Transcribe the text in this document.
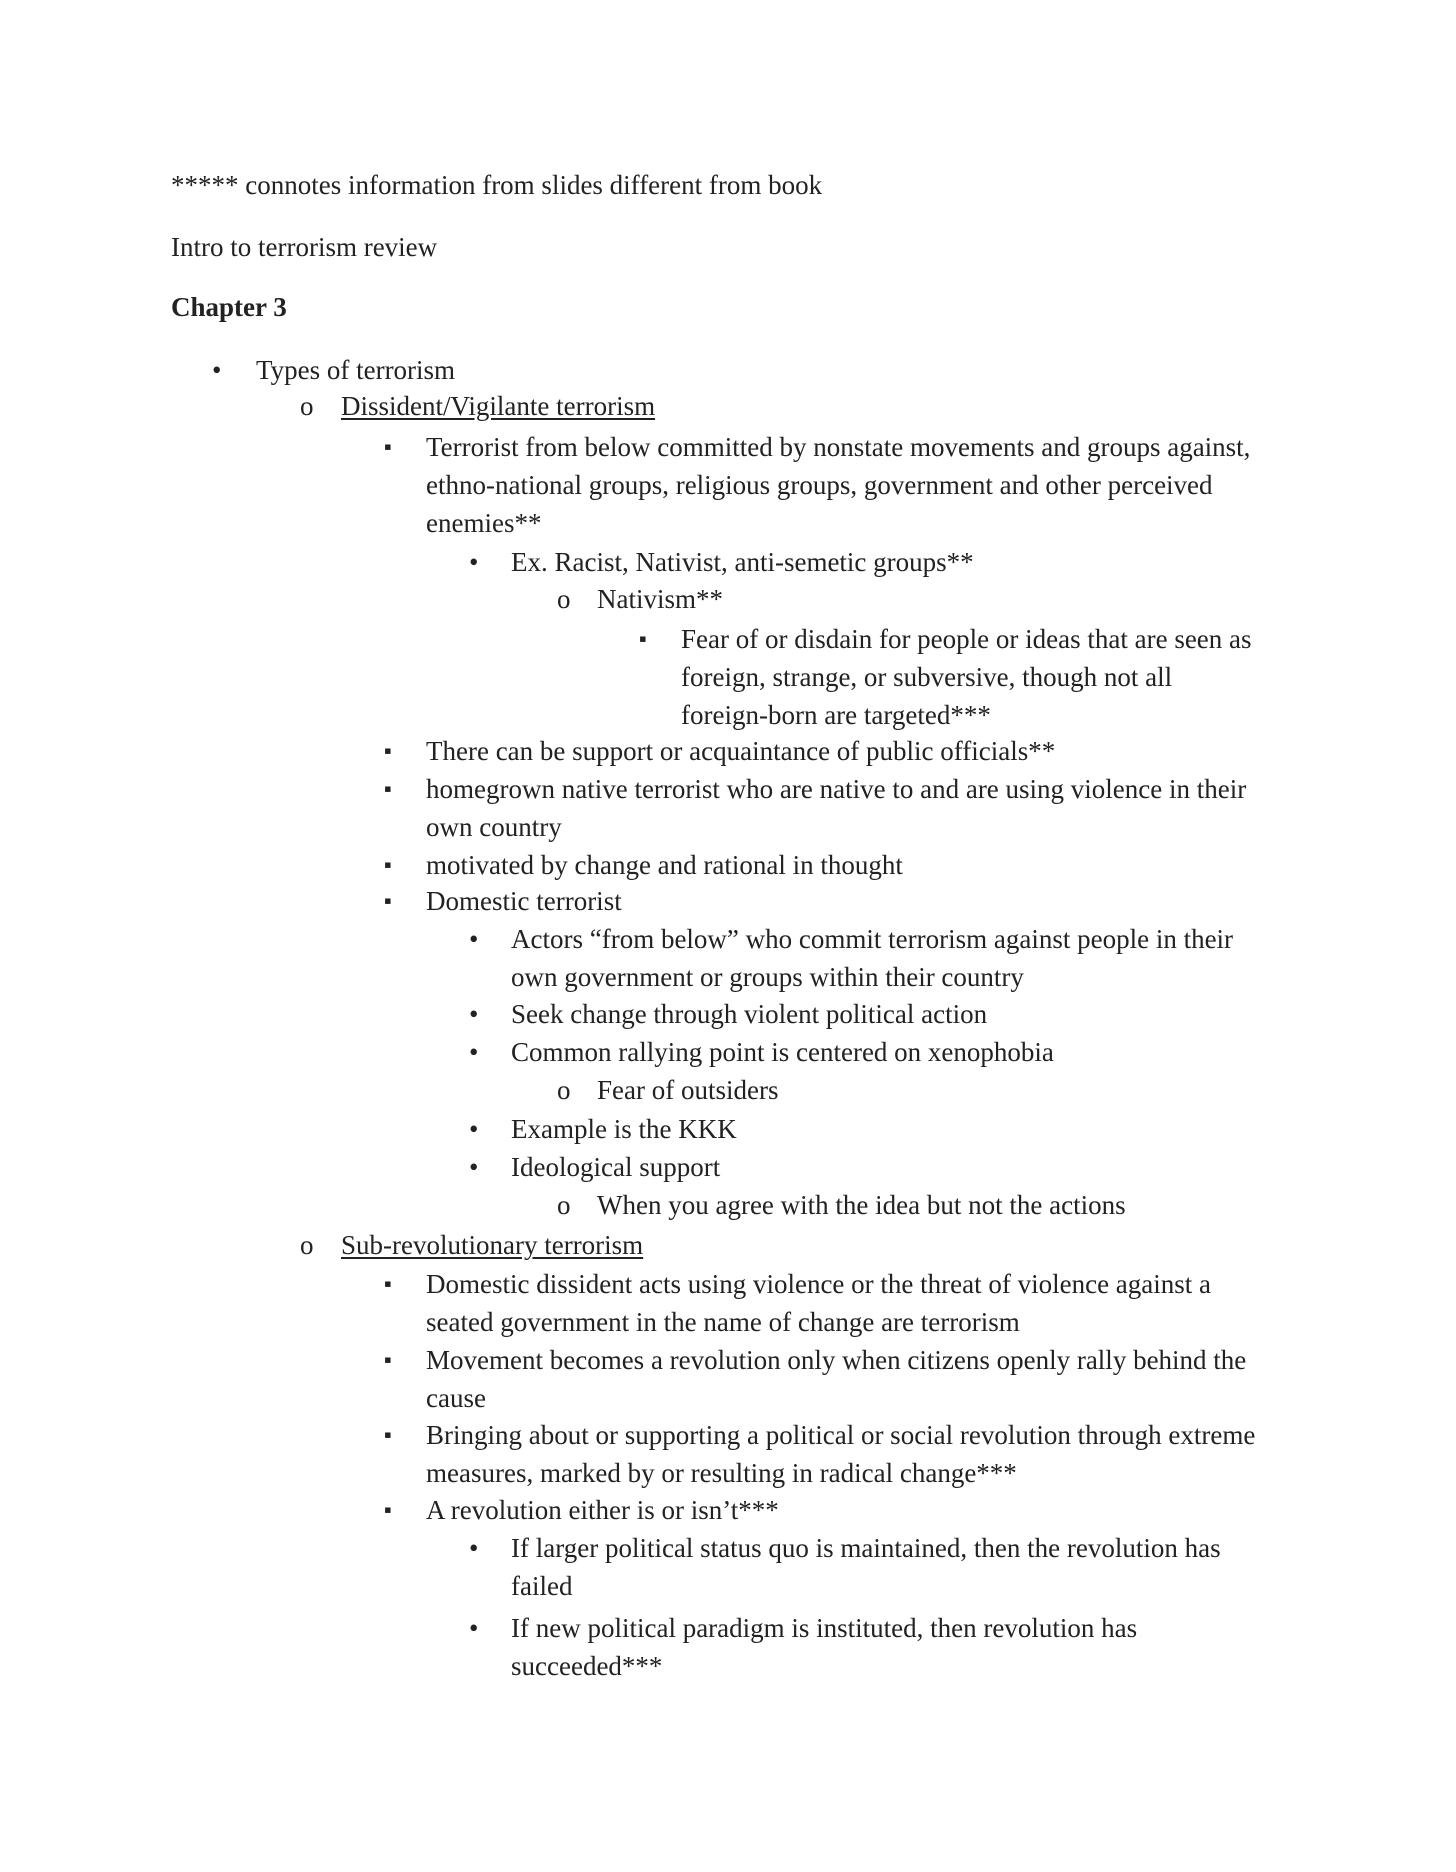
***** connotes information from slides different from book
Intro to terrorism review
Chapter 3
•
Types of terrorism
o
Dissident/Vigilante terrorism
▪
Terrorist from below committed by nonstate movements and groups against, ethno-national groups, religious groups, government and other perceived enemies**
•
Ex. Racist, Nativist, anti-semetic groups**
o
Nativism**
▪
Fear of or disdain for people or ideas that are seen as foreign, strange, or subversive, though not all foreign-born are targeted***
▪
There can be support or acquaintance of public officials**
▪
homegrown native terrorist who are native to and are using violence in their own country
▪
motivated by change and rational in thought
▪
Domestic terrorist
•
Actors “from below” who commit terrorism against people in their own government or groups within their country
•
Seek change through violent political action
•
Common rallying point is centered on xenophobia
o
Fear of outsiders
•
Example is the KKK
•
Ideological support
o
When you agree with the idea but not the actions
o
Sub-revolutionary terrorism
▪
Domestic dissident acts using violence or the threat of violence against a seated government in the name of change are terrorism
▪
Movement becomes a revolution only when citizens openly rally behind the cause
▪
Bringing about or supporting a political or social revolution through extreme measures, marked by or resulting in radical change***
▪
A revolution either is or isn’t***
•
If larger political status quo is maintained, then the revolution has failed
•
If new political paradigm is instituted, then revolution has succeeded***
